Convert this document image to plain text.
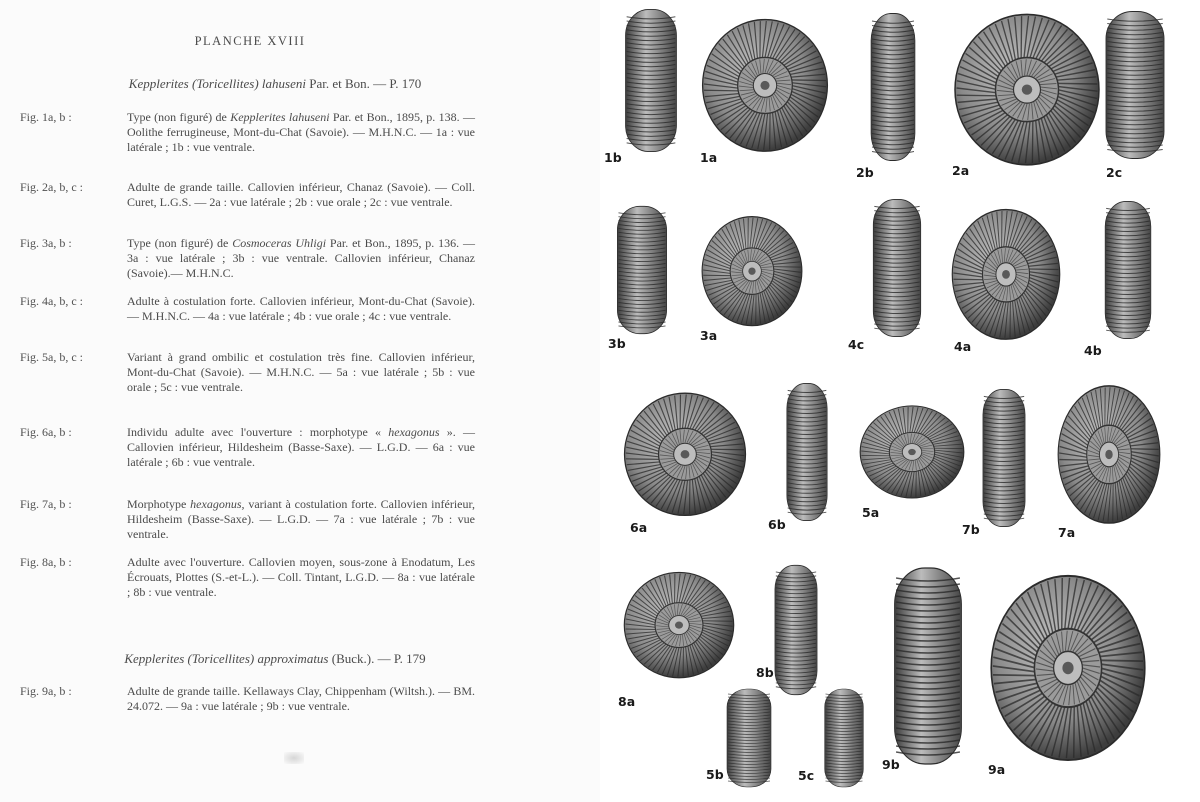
PLANCHE XVIII
Kepplerites (Toricellites) lahuseni Par. et Bon. — P. 170
Fig. 1a, b :	Type (non figuré) de Kepplerites lahuseni Par. et Bon., 1895, p. 138. — Oolithe ferrugineuse, Mont-du-Chat (Savoie). — M.H.N.C. — 1a : vue latérale ; 1b : vue ventrale.
Fig. 2a, b, c :	Adulte de grande taille. Callovien inférieur, Chanaz (Savoie). — Coll. Curet, L.G.S. — 2a : vue latérale ; 2b : vue orale ; 2c : vue ventrale.
Fig. 3a, b :	Type (non figuré) de Cosmoceras Uhligi Par. et Bon., 1895, p. 136. — 3a : vue latérale ; 3b : vue ventrale. Callovien inférieur, Chanaz (Savoie).— M.H.N.C.
Fig. 4a, b, c :	Adulte à costulation forte. Callovien inférieur, Mont-du-Chat (Savoie). — M.H.N.C. — 4a : vue latérale ; 4b : vue orale ; 4c : vue ventrale.
Fig. 5a, b, c :	Variant à grand ombilic et costulation très fine. Callovien inférieur, Mont-du-Chat (Savoie). — M.H.N.C. — 5a : vue latérale ; 5b : vue orale ; 5c : vue ventrale.
Fig. 6a, b :	Individu adulte avec l'ouverture : morphotype « hexagonus ». — Callovien inférieur, Hildesheim (Basse-Saxe). — L.G.D. — 6a : vue latérale ; 6b : vue ventrale.
Fig. 7a, b :	Morphotype hexagonus, variant à costulation forte. Callovien inférieur, Hildesheim (Basse-Saxe). — L.G.D. — 7a : vue latérale ; 7b : vue ventrale.
Fig. 8a, b :	Adulte avec l'ouverture. Callovien moyen, sous-zone à Enodatum, Les Écrouats, Plottes (S.-et-L.). — Coll. Tintant, L.G.D. — 8a : vue latérale ; 8b : vue ventrale.
Kepplerites (Toricellites) approximatus (Buck.). — P. 179
Fig. 9a, b :	Adulte de grande taille. Kellaways Clay, Chippenham (Wiltsh.). — BM. 24.072. — 9a : vue latérale ; 9b : vue ventrale.
1b	1a
2b	2a	2c
3b
3a
4c	4a	4b
6a	6b
5a
7b	7a
8a
8b
9b	9a
5b	5c
